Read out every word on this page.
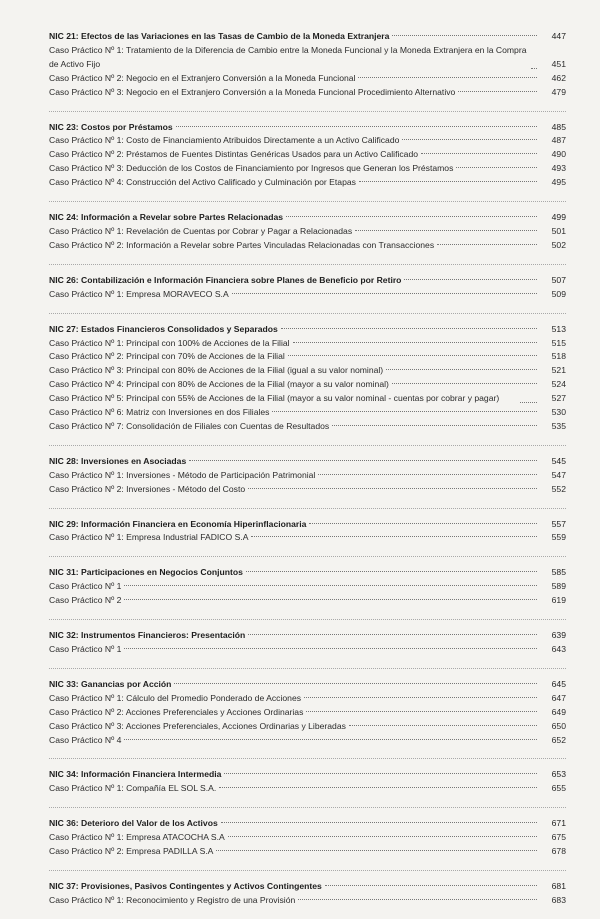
NIC 21: Efectos de las Variaciones en las Tasas de Cambio de la Moneda Extranjera	447
Caso Práctico Nº 1: Tratamiento de la Diferencia de Cambio entre la Moneda Funcional y la Moneda Extranjera en la Compra de Activo Fijo	451
Caso Práctico Nº 2: Negocio en el Extranjero Conversión a la Moneda Funcional	462
Caso Práctico Nº 3: Negocio en el Extranjero Conversión a la Moneda Funcional Procedimiento Alternativo	479
NIC 23: Costos por Préstamos	485
Caso Práctico Nº 1: Costo de Financiamiento Atribuidos Directamente a un Activo Calificado	487
Caso Práctico Nº 2: Préstamos de Fuentes Distintas Genéricas Usados para un Activo Calificado	490
Caso Práctico Nº 3: Deducción de los Costos de Financiamiento por Ingresos que Generan los Préstamos	493
Caso Práctico Nº 4: Construcción del Activo Calificado y Culminación por Etapas	495
NIC 24: Información a Revelar sobre Partes Relacionadas	499
Caso Práctico Nº 1: Revelación de Cuentas por Cobrar y Pagar a Relacionadas	501
Caso Práctico Nº 2: Información a Revelar sobre Partes Vinculadas Relacionadas con Transacciones	502
NIC 26: Contabilización e Información Financiera sobre Planes de Beneficio por Retiro	507
Caso Práctico Nº 1: Empresa MORAVECO S.A	509
NIC 27: Estados Financieros Consolidados y Separados	513
Caso Práctico Nº 1: Principal con 100% de Acciones de la Filial	515
Caso Práctico Nº 2: Principal con 70% de Acciones de la Filial	518
Caso Práctico Nº 3: Principal con 80% de Acciones de la Filial (igual a su valor nominal)	521
Caso Práctico Nº 4: Principal con 80% de Acciones de la Filial (mayor a su valor nominal)	524
Caso Práctico Nº 5: Principal con 55% de Acciones de la Filial (mayor a su valor nominal - cuentas por cobrar y pagar)	527
Caso Práctico Nº 6: Matriz con Inversiones en dos Filiales	530
Caso Práctico Nº 7: Consolidación de Filiales con Cuentas de Resultados	535
NIC 28: Inversiones en Asociadas	545
Caso Práctico Nº 1: Inversiones - Método de Participación Patrimonial	547
Caso Práctico Nº 2: Inversiones - Método del Costo	552
NIC 29: Información Financiera en Economía Hiperinflacionaria	557
Caso Práctico Nº 1: Empresa Industrial FADICO S.A	559
NIC 31: Participaciones en Negocios Conjuntos	585
Caso Práctico Nº 1	589
Caso Práctico Nº 2	619
NIC 32: Instrumentos Financieros: Presentación	639
Caso Práctico Nº 1	643
NIC 33: Ganancias por Acción	645
Caso Práctico Nº 1: Cálculo del Promedio Ponderado de Acciones	647
Caso Práctico Nº 2: Acciones Preferenciales y Acciones Ordinarias	649
Caso Práctico Nº 3: Acciones Preferenciales, Acciones Ordinarias y Liberadas	650
Caso Práctico Nº 4	652
NIC 34: Información Financiera Intermedia	653
Caso Práctico Nº 1: Compañía EL SOL S.A.	655
NIC 36: Deterioro del Valor de los Activos	671
Caso Práctico Nº 1: Empresa ATACOCHA S.A	675
Caso Práctico Nº 2: Empresa PADILLA S.A	678
NIC 37: Provisiones, Pasivos Contingentes y Activos Contingentes	681
Caso Práctico Nº 1: Reconocimiento y Registro de una Provisión	683
